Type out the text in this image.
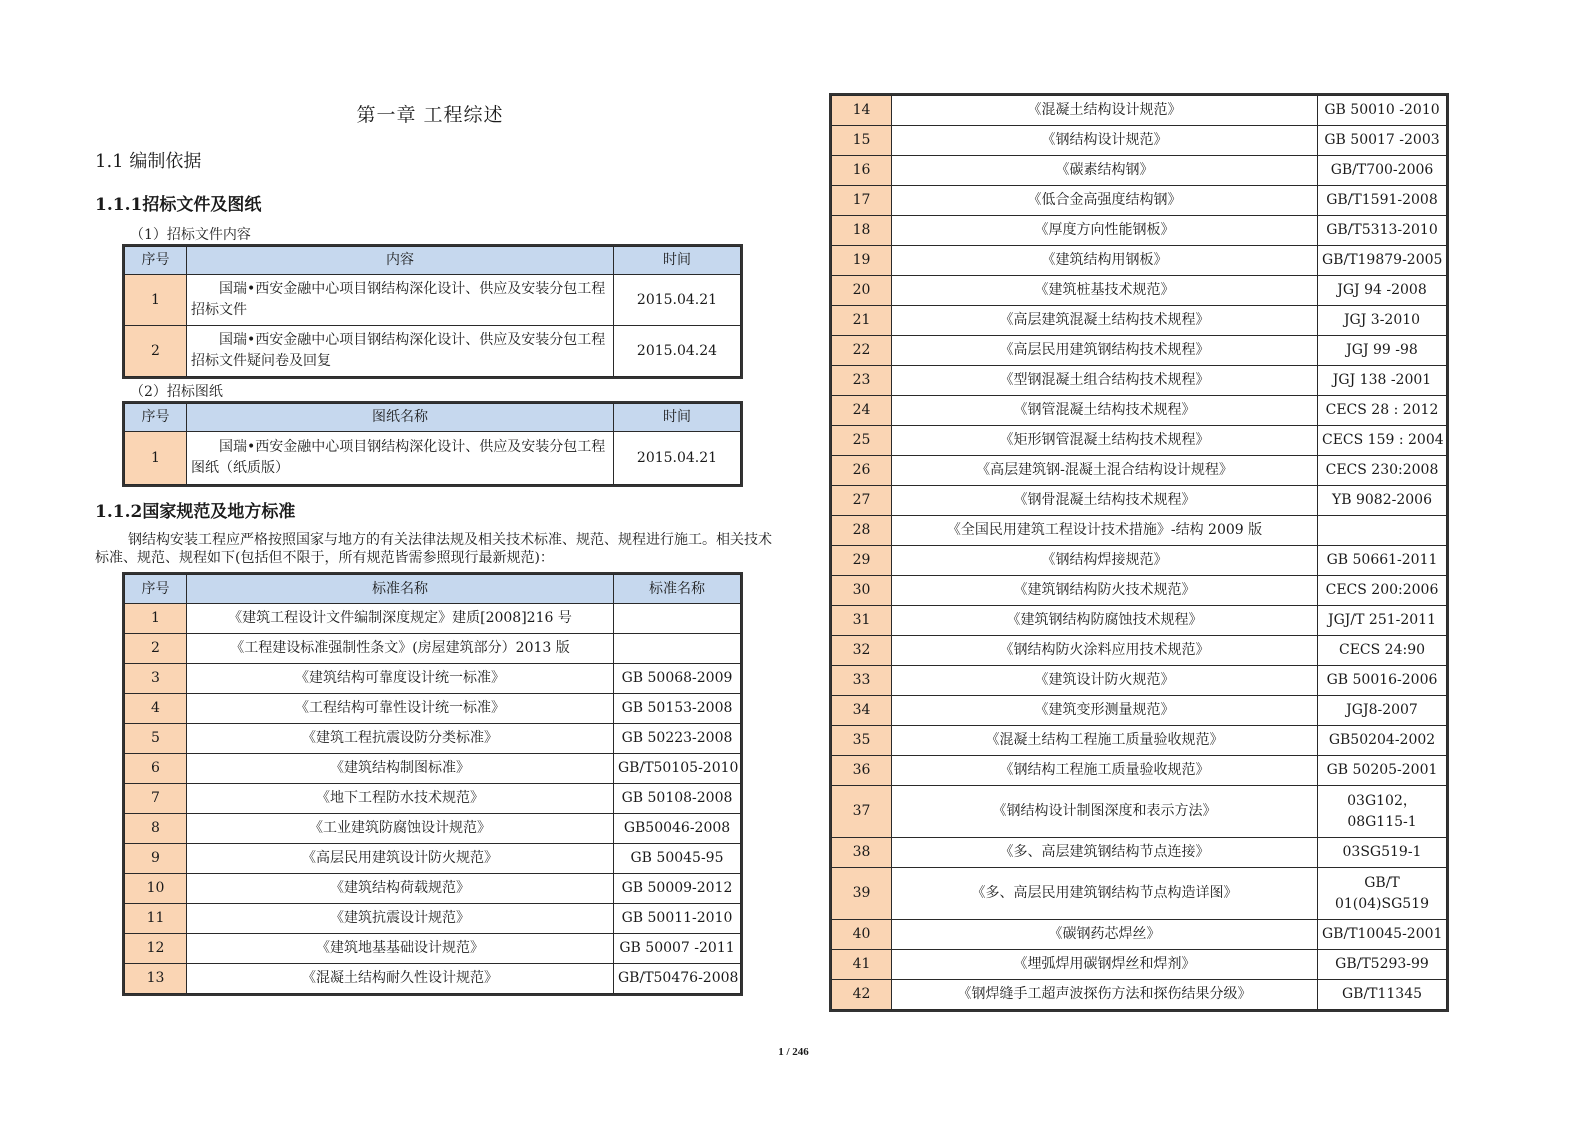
第一章 工程综述
1.1 编制依据
1.1.1招标文件及图纸
（1）招标文件内容
序号	内容	时间
1	国瑞•西安金融中心项目钢结构深化设计、供应及安装分包工程招标文件	2015.04.21
2	国瑞•西安金融中心项目钢结构深化设计、供应及安装分包工程招标文件疑问卷及回复	2015.04.24
（2）招标图纸
序号	图纸名称	时间
1	国瑞•西安金融中心项目钢结构深化设计、供应及安装分包工程图纸（纸质版）	2015.04.21
1.1.2国家规范及地方标准
钢结构安装工程应严格按照国家与地方的有关法律法规及相关技术标准、规范、规程进行施工。相关技术标准、规范、规程如下(包括但不限于，所有规范皆需参照现行最新规范)：
序号	标准名称	标准名称
1	《建筑工程设计文件编制深度规定》建质[2008]216 号	
2	《工程建设标准强制性条文》(房屋建筑部分）2013 版	
3	《建筑结构可靠度设计统一标准》	GB 50068-2009
4	《工程结构可靠性设计统一标准》	GB 50153-2008
5	《建筑工程抗震设防分类标准》	GB 50223-2008
6	《建筑结构制图标准》	GB/T50105-2010
7	《地下工程防水技术规范》	GB 50108-2008
8	《工业建筑防腐蚀设计规范》	GB50046-2008
9	《高层民用建筑设计防火规范》	GB 50045-95
10	《建筑结构荷载规范》	GB 50009-2012
11	《建筑抗震设计规范》	GB 50011-2010
12	《建筑地基基础设计规范》	GB 50007 -2011
13	《混凝土结构耐久性设计规范》	GB/T50476-2008
14	《混凝土结构设计规范》	GB 50010 -2010
15	《钢结构设计规范》	GB 50017 -2003
16	《碳素结构钢》	GB/T700-2006
17	《低合金高强度结构钢》	GB/T1591-2008
18	《厚度方向性能钢板》	GB/T5313-2010
19	《建筑结构用钢板》	GB/T19879-2005
20	《建筑桩基技术规范》	JGJ 94 -2008
21	《高层建筑混凝土结构技术规程》	JGJ 3-2010
22	《高层民用建筑钢结构技术规程》	JGJ 99 -98
23	《型钢混凝土组合结构技术规程》	JGJ 138 -2001
24	《钢管混凝土结构技术规程》	CECS 28 : 2012
25	《矩形钢管混凝土结构技术规程》	CECS 159 : 2004
26	《高层建筑钢-混凝土混合结构设计规程》	CECS 230:2008
27	《钢骨混凝土结构技术规程》	YB 9082-2006
28	《全国民用建筑工程设计技术措施》-结构 2009 版	
29	《钢结构焊接规范》	GB 50661-2011
30	《建筑钢结构防火技术规范》	CECS 200:2006
31	《建筑钢结构防腐蚀技术规程》	JGJ/T 251-2011
32	《钢结构防火涂料应用技术规范》	CECS 24:90
33	《建筑设计防火规范》	GB 50016-2006
34	《建筑变形测量规范》	JGJ8-2007
35	《混凝土结构工程施工质量验收规范》	GB50204-2002
36	《钢结构工程施工质量验收规范》	GB 50205-2001
37	《钢结构设计制图深度和表示方法》	03G102，
08G115-1

38	《多、高层建筑钢结构节点连接》	03SG519-1
39	《多、高层民用建筑钢结构节点构造详图》	GB/T
01(04)SG519

40	《碳钢药芯焊丝》	GB/T10045-2001
41	《埋弧焊用碳钢焊丝和焊剂》	GB/T5293-99
42	《钢焊缝手工超声波探伤方法和探伤结果分级》	GB/T11345
1 / 246
